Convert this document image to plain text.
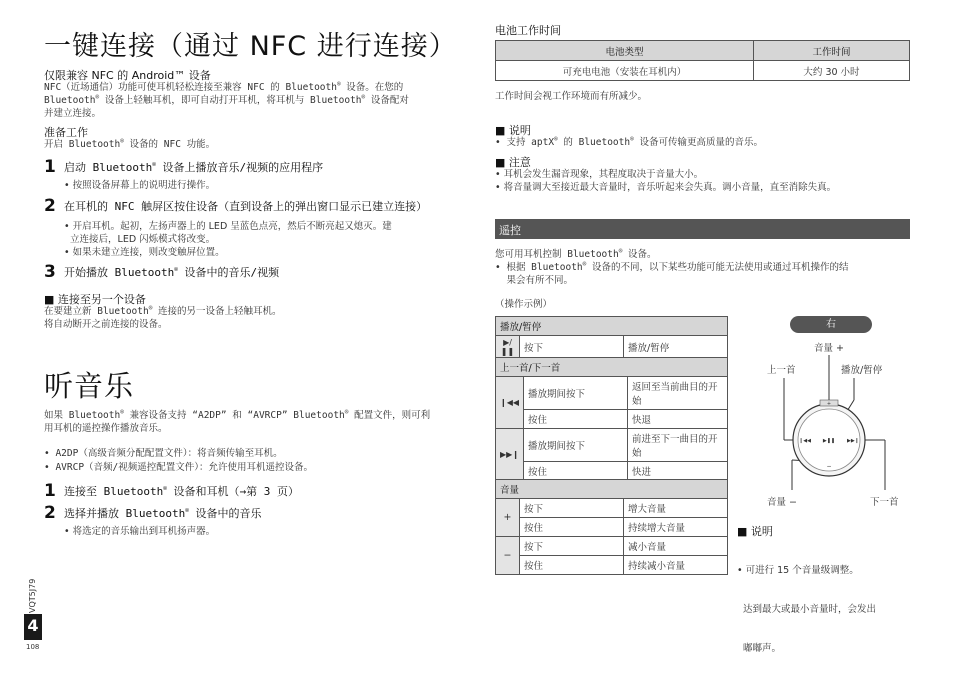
一键连接（通过 NFC 进行连接）
仅限兼容 NFC 的 Android™ 设备
NFC（近场通信）功能可使耳机轻松连接至兼容 NFC 的 Bluetooth® 设备。在您的
Bluetooth® 设备上轻触耳机，即可自动打开耳机，将耳机与 Bluetooth® 设备配对
并建立连接。
准备工作
开启 Bluetooth® 设备的 NFC 功能。
1 启动 Bluetooth® 设备上播放音乐/视频的应用程序
• 按照设备屏幕上的说明进行操作。
2 在耳机的 NFC 触屏区按住设备（直到设备上的弹出窗口显示已建立连接）
• 开启耳机。起初，左扬声器上的 LED 呈蓝色点亮，然后不断亮起又熄灭。建
立连接后，LED 闪烁模式将改变。
• 如果未建立连接，则改变触屏位置。
3 开始播放 Bluetooth® 设备中的音乐/视频
■ 连接至另一个设备
在要建立新 Bluetooth® 连接的另一设备上轻触耳机。
将自动断开之前连接的设备。
听音乐
如果 Bluetooth® 兼容设备支持 “A2DP” 和 “AVRCP” Bluetooth® 配置文件，则可利
用耳机的遥控操作播放音乐。
• A2DP（高级音频分配配置文件）：将音频传输至耳机。
• AVRCP（音频/视频遥控配置文件）：允许使用耳机遥控设备。
1 连接至 Bluetooth® 设备和耳机（→第 3 页）
2 选择并播放 Bluetooth® 设备中的音乐
• 将选定的音乐输出到耳机扬声器。
VQT5J79
4
108
电池工作时间
电池类型	工作时间
可充电电池（安装在耳机内）	大约 30 小时
工作时间会视工作环境而有所减少。
■ 说明
• 支持 aptX® 的 Bluetooth® 设备可传输更高质量的音乐。
■ 注意
• 耳机会发生漏音现象，其程度取决于音量大小。
• 将音量调大至接近最大音量时，音乐听起来会失真。调小音量，直至消除失真。
遥控
您可用耳机控制 Bluetooth® 设备。
• 根据 Bluetooth® 设备的不同，以下某些功能可能无法使用或通过耳机操作的结
果会有所不同。
（操作示例）
播放/暂停
▶/❚❚	按下	播放/暂停
上一首/下一首		
❙◀◀	播放期间按下	返回至当前曲目的开始
	按住	快退
▶▶❙	播放期间按下	前进至下一曲目的开始
	按住	快进
音量		
+	按下	增大音量
	按住	持续增大音量
−	按下	减小音量
	按住	持续减小音量
右
音量 +
上一首	播放/暂停
音量 −	下一首
+
❙◀◀ ▶❚❚ ▶▶❙
−
■ 说明

• 可进行 15 个音量级调整。

达到最大或最小音量时，会发出

嘟嘟声。
